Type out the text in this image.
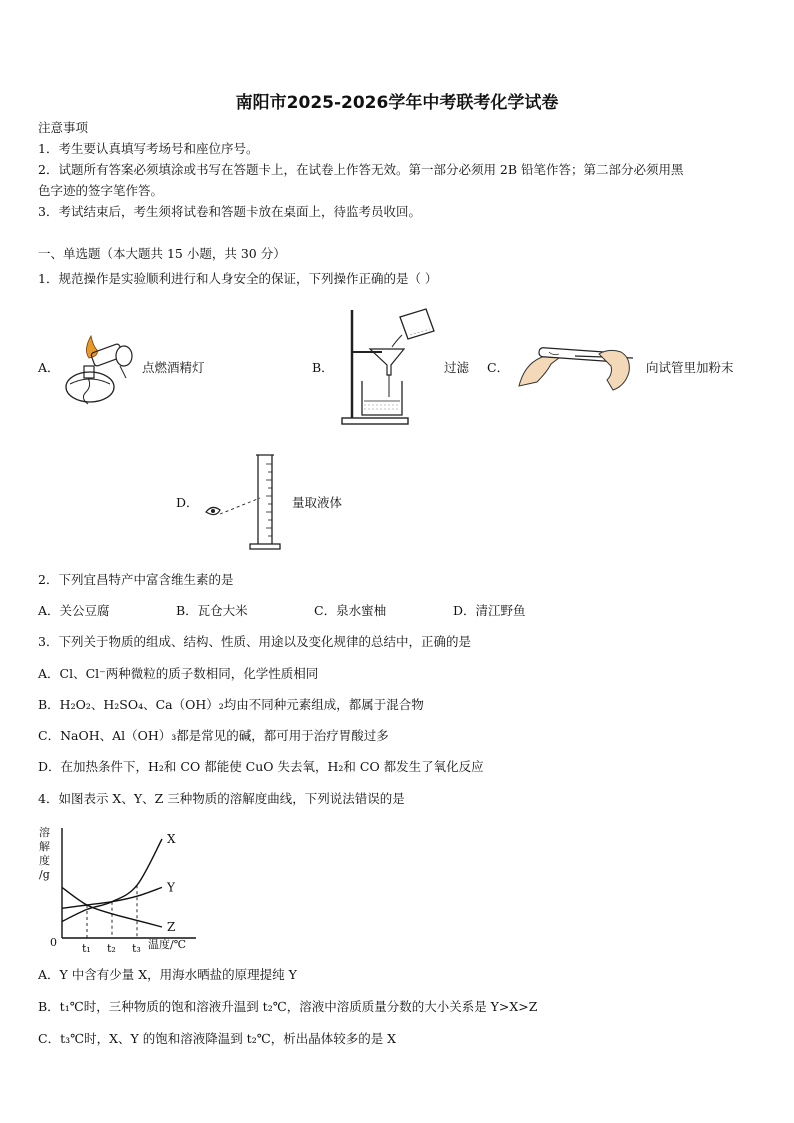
南阳市2025-2026学年中考联考化学试卷
注意事项
1．考生要认真填写考场号和座位序号。
2．试题所有答案必须填涂或书写在答题卡上，在试卷上作答无效。第一部分必须用 2B 铅笔作答；第二部分必须用黑
色字迹的签字笔作答。
3．考试结束后，考生须将试卷和答题卡放在桌面上，待监考员收回。
一、单选题（本大题共 15 小题，共 30 分）
1．规范操作是实验顺利进行和人身安全的保证，下列操作正确的是（ ）
A．	点燃酒精灯	B．	过滤 C．	向试管里加粉末
D．	量取液体
2．下列宜昌特产中富含维生素的是
A．关公豆腐	B．瓦仓大米	C．泉水蜜柚	D．清江野鱼
3．下列关于物质的组成、结构、性质、用途以及变化规律的总结中，正确的是
A．Cl、Cl⁻两种微粒的质子数相同，化学性质相同
B．H₂O₂、H₂SO₄、Ca（OH）₂均由不同种元素组成，都属于混合物
C．NaOH、Al（OH）₃都是常见的碱，都可用于治疗胃酸过多
D．在加热条件下，H₂和 CO 都能使 CuO 失去氧，H₂和 CO 都发生了氧化反应
4．如图表示 X、Y、Z 三种物质的溶解度曲线，下列说法错误的是
溶解度/g
0	温度/℃
t₁ t₂ t₃
X
Y
Z
A．Y 中含有少量 X，用海水晒盐的原理提纯 Y
B．t₁℃时，三种物质的饱和溶液升温到 t₂℃，溶液中溶质质量分数的大小关系是 Y>X>Z
C．t₃℃时，X、Y 的饱和溶液降温到 t₂℃，析出晶体较多的是 X
